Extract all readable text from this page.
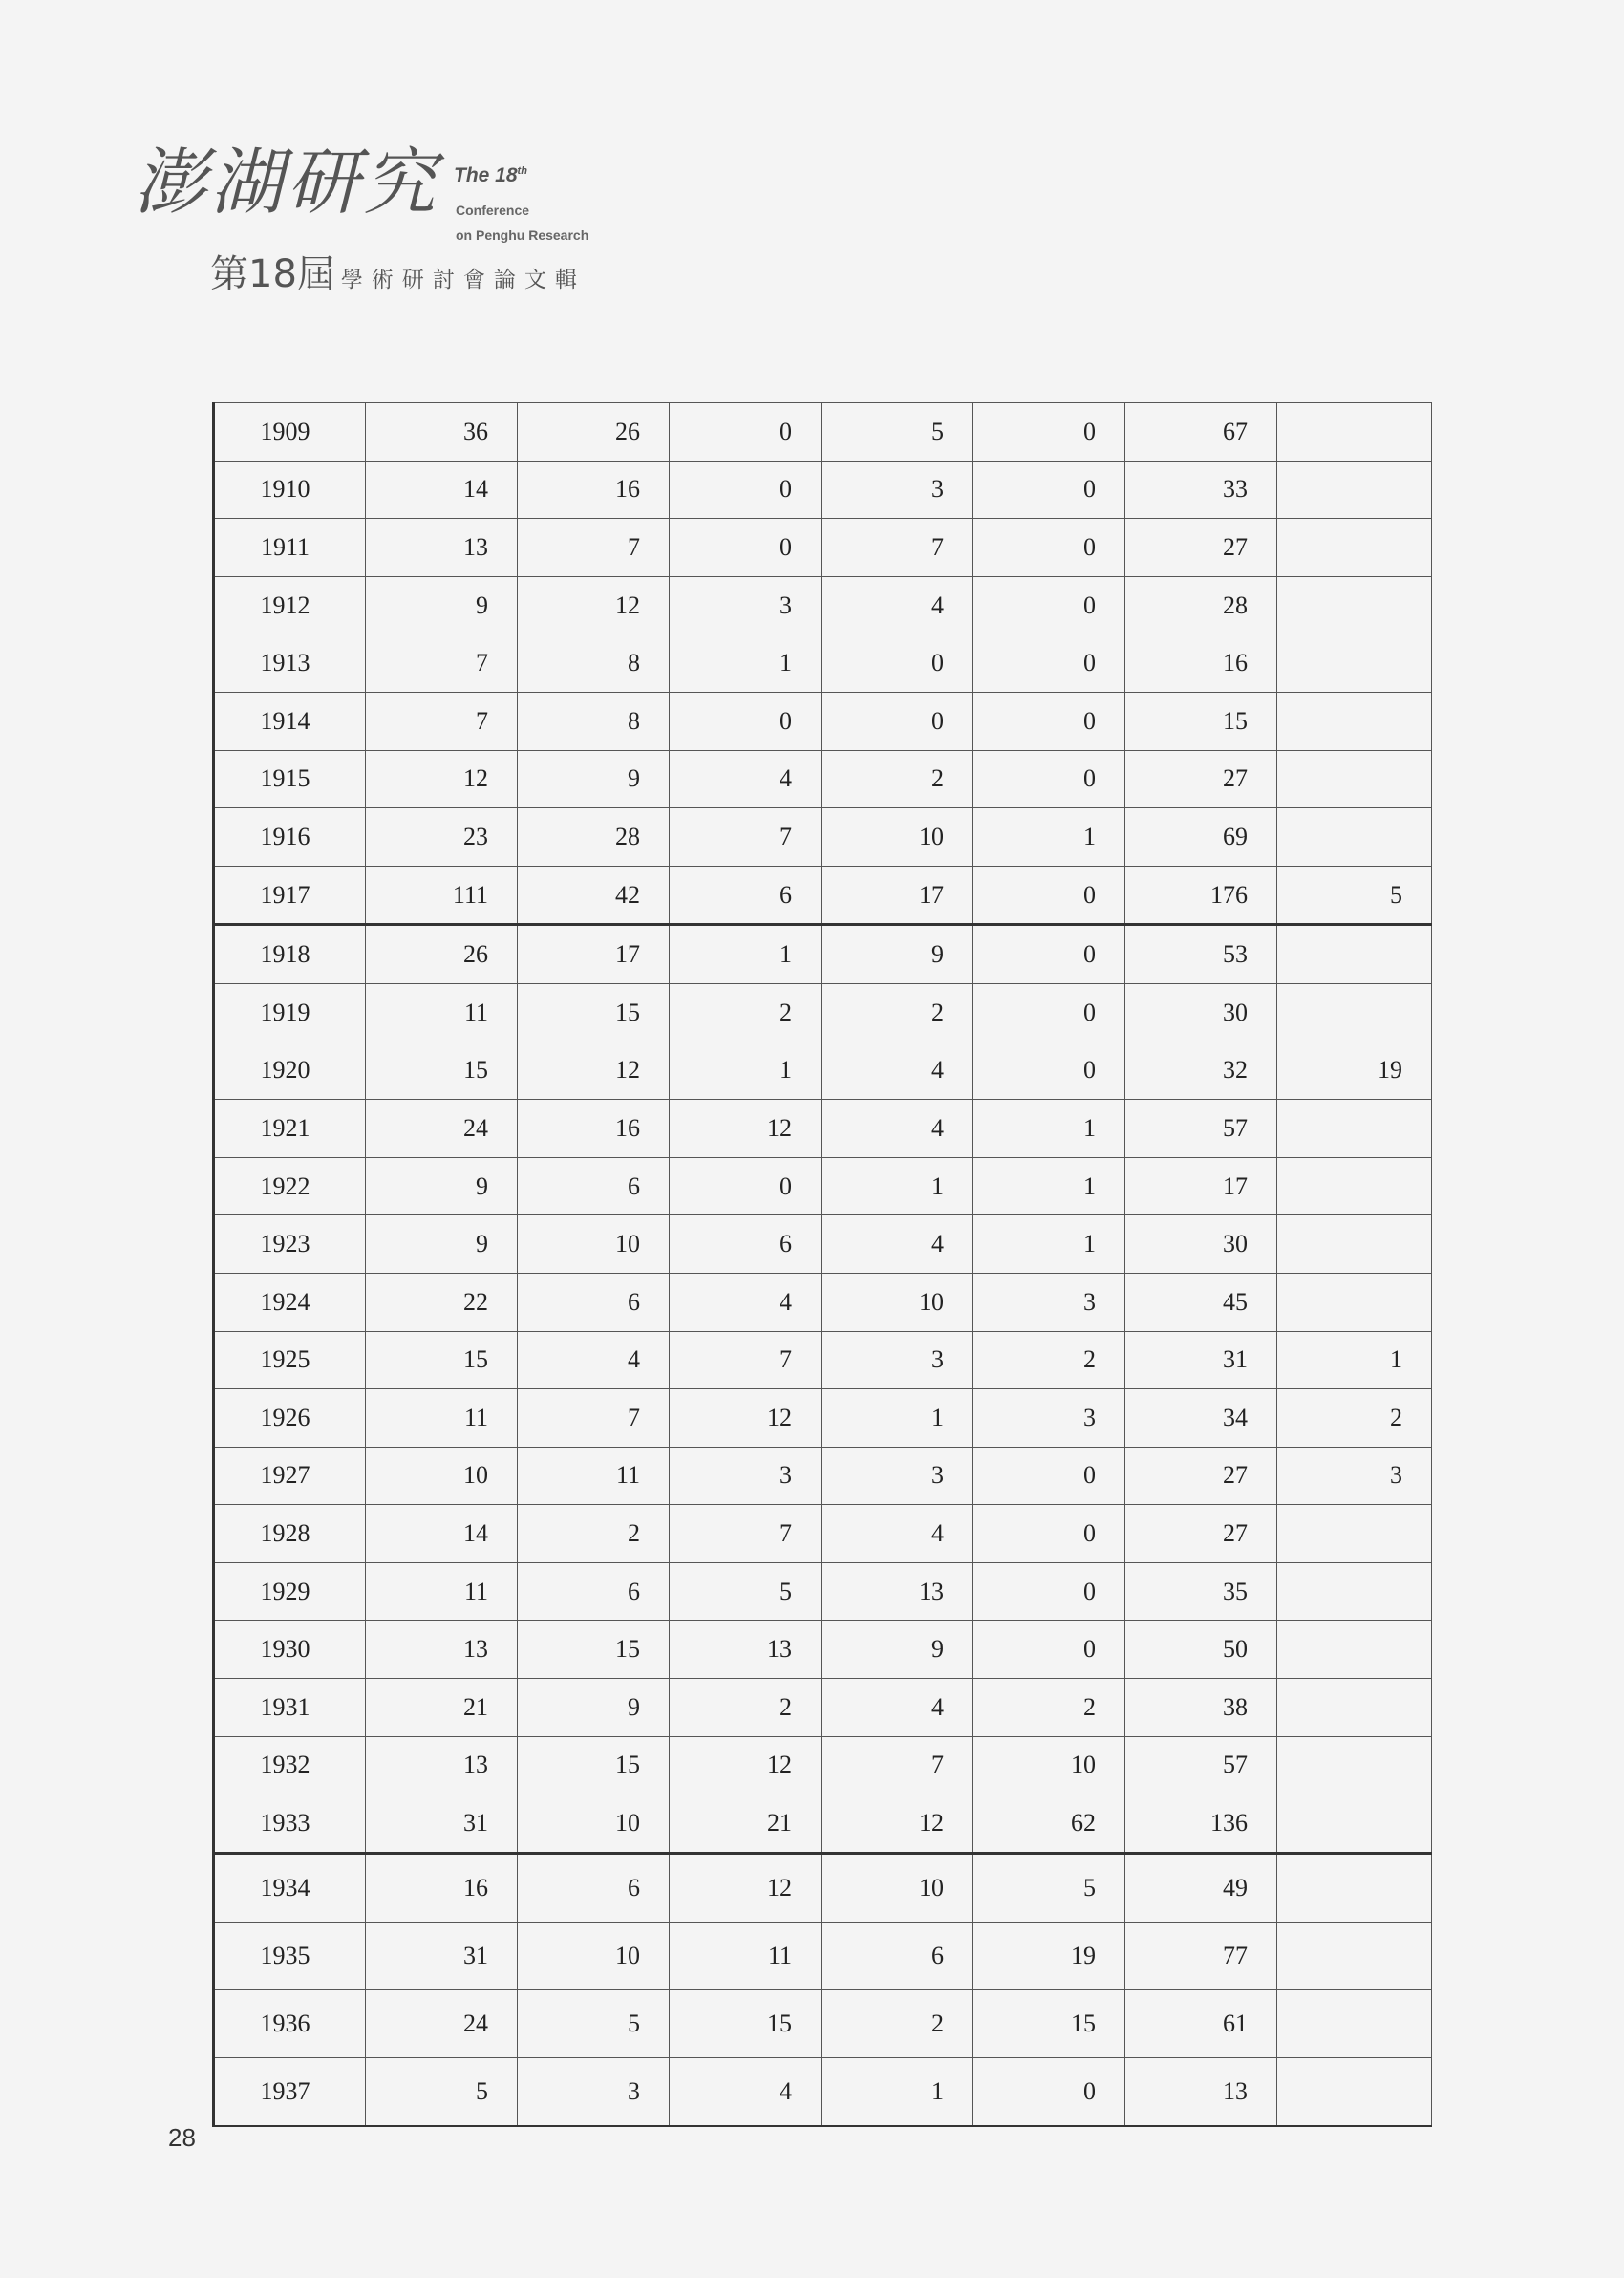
澎湖研究 The 18th
Conference
on Penghu Research
第18屆 學術研討會論文輯
1909	36	26	0	5	0	67	
1910	14	16	0	3	0	33	
1911	13	7	0	7	0	27	
1912	9	12	3	4	0	28	
1913	7	8	1	0	0	16	
1914	7	8	0	0	0	15	
1915	12	9	4	2	0	27	
1916	23	28	7	10	1	69	
1917	111	42	6	17	0	176	5
1918	26	17	1	9	0	53	
1919	11	15	2	2	0	30	
1920	15	12	1	4	0	32	19
1921	24	16	12	4	1	57	
1922	9	6	0	1	1	17	
1923	9	10	6	4	1	30	
1924	22	6	4	10	3	45	
1925	15	4	7	3	2	31	1
1926	11	7	12	1	3	34	2
1927	10	11	3	3	0	27	3
1928	14	2	7	4	0	27	
1929	11	6	5	13	0	35	
1930	13	15	13	9	0	50	
1931	21	9	2	4	2	38	
1932	13	15	12	7	10	57	
1933	31	10	21	12	62	136	
1934	16	6	12	10	5	49	
1935	31	10	11	6	19	77	
1936	24	5	15	2	15	61	
1937	5	3	4	1	0	13	
28
